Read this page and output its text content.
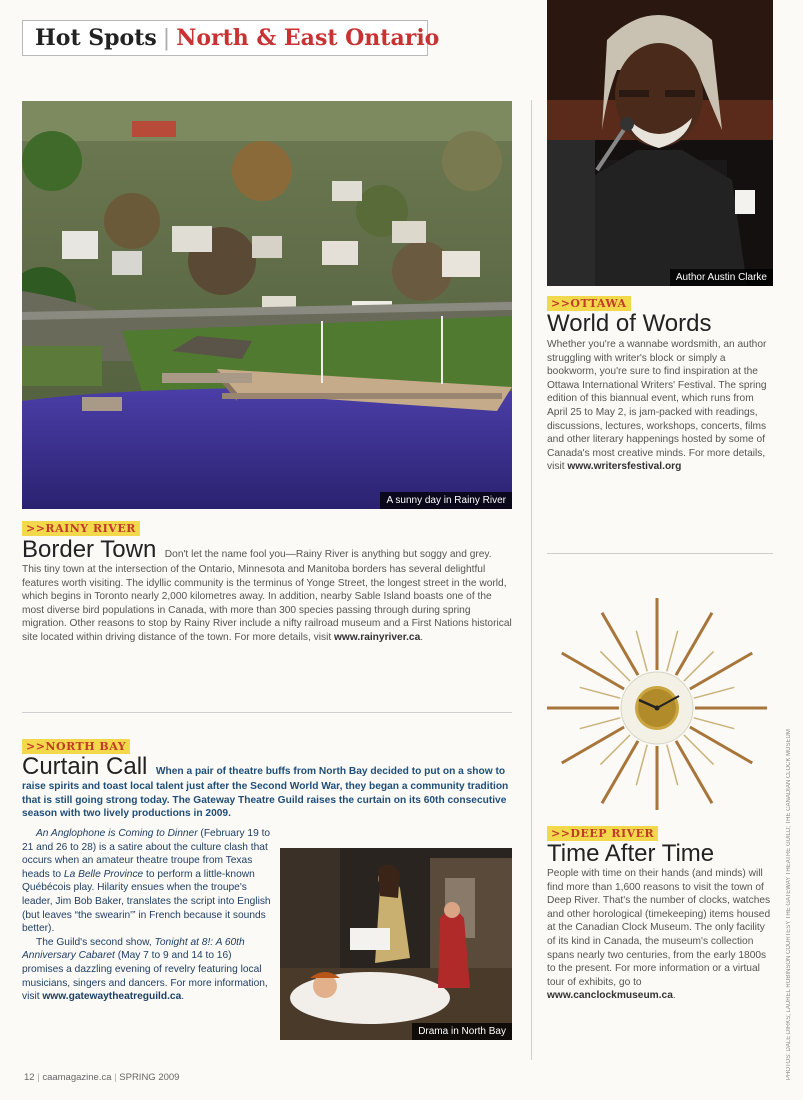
Hot Spots | North & East Ontario
A sunny day in Rainy River
>>RAINY RIVER
Border Town Don't let the name fool you—Rainy River is anything but soggy and grey. This tiny town at the intersection of the Ontario, Minnesota and Manitoba borders has several delightful features worth visiting. The idyllic community is the terminus of Yonge Street, the longest street in the world, which begins in Toronto nearly 2,000 kilometres away. In addition, nearby Sable Island boasts one of the most diverse bird populations in Canada, with more than 300 species passing through during spring migration. Other reasons to stop by Rainy River include a nifty railroad museum and a First Nations historical site located within driving distance of the town. For more details, visit www.rainyriver.ca.
>>NORTH BAY
Curtain Call When a pair of theatre buffs from North Bay decided to put on a show to raise spirits and toast local talent just after the Second World War, they began a community tradition that is still going strong today. The Gateway Theatre Guild raises the curtain on its 60th consecutive season with two lively productions in 2009.
An Anglophone is Coming to Dinner (February 19 to 21 and 26 to 28) is a satire about the culture clash that occurs when an amateur theatre troupe from Texas heads to La Belle Province to perform a little-known Québécois play. Hilarity ensues when the troupe's leader, Jim Bob Baker, translates the script into English (but leaves “the swearin'” in French because it sounds better).
The Guild's second show, Tonight at 8!: A 60th Anniversary Cabaret (May 7 to 9 and 14 to 16) promises a dazzling evening of revelry featuring local musicians, singers and dancers. For more information, visit www.gatewaytheatreguild.ca.
Drama in North Bay
Author Austin Clarke
>>OTTAWA
World of Words
Whether you're a wannabe wordsmith, an author struggling with writer's block or simply a bookworm, you're sure to find inspiration at the Ottawa International Writers' Festival. The spring edition of this biannual event, which runs from April 25 to May 2, is jam-packed with readings, discussions, lectures, workshops, concerts, films and other literary happenings hosted by some of Canada's most creative minds. For more details, visit www.writersfestival.org
>>DEEP RIVER
Time After Time
People with time on their hands (and minds) will find more than 1,600 reasons to visit the town of Deep River. That's the number of clocks, watches and other horological (timekeeping) items housed at the Canadian Clock Museum. The only facility of its kind in Canada, the museum's collection spans nearly two centuries, from the early 1800s to the present. For more information or a virtual tour of exhibits, go to www.canclockmuseum.ca.	PHOTOS: DALE DIRKS; LAUREL ROBINSON COURTESY THE GATEWAY THEATRE GUILD; THE CANADIAN CLOCK MUSEUM
12 | caamagazine.ca | SPRING 2009
